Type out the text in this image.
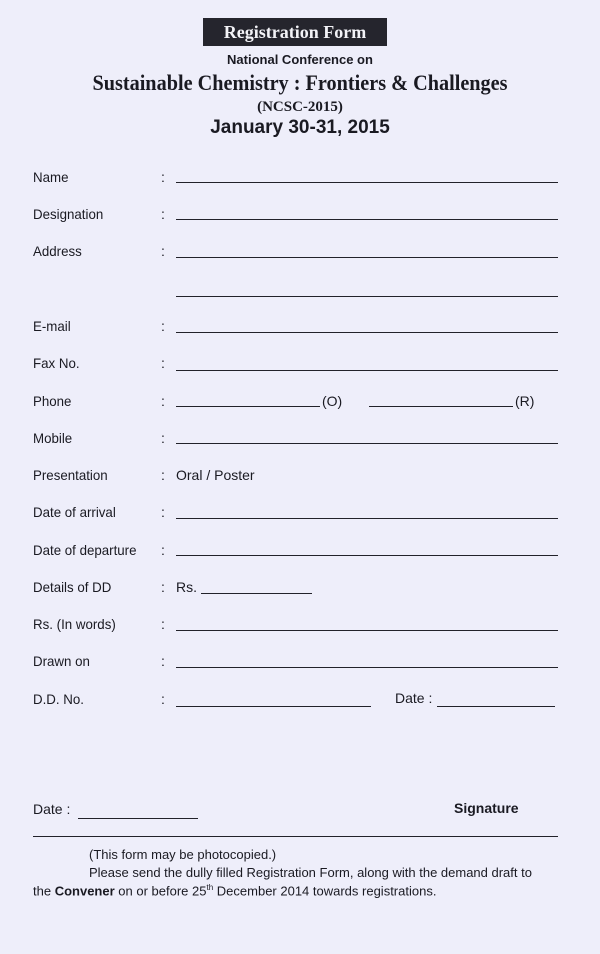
Registration Form
National Conference on
Sustainable Chemistry : Frontiers & Challenges
(NCSC-2015)
January 30-31, 2015
Name	:
Designation	:
Address	:
E-mail	:
Fax No.	:
Phone	:	(O)	(R)
Mobile	:
Presentation	: Oral / Poster
Date of arrival	:
Date of departure :
Details of DD	: Rs.
Rs. (In words)	:
Drawn on	:
D.D. No.	:	Date :
Date :	Signature
(This form may be photocopied.)
Please send the dully filled Registration Form, along with the demand draft to
the Convener on or before 25th December 2014 towards registrations.
